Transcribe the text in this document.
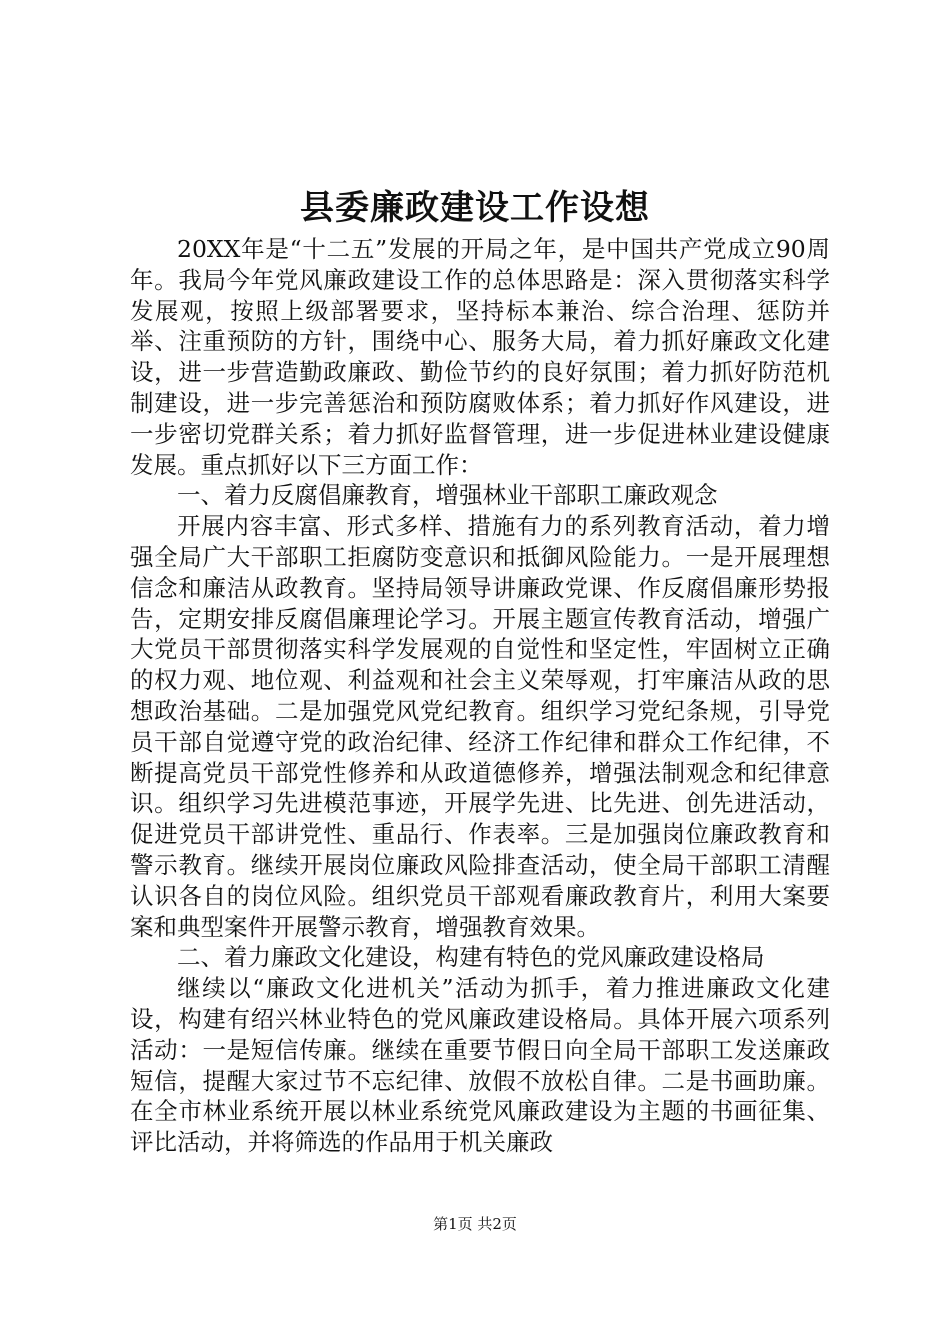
县委廉政建设工作设想

20XX年是“十二五”发展的开局之年，是中国共产党成立90周年。我局今年党风廉政建设工作的总体思路是：深入贯彻落实科学发展观，按照上级部署要求，坚持标本兼治、综合治理、惩防并举、注重预防的方针，围绕中心、服务大局，着力抓好廉政文化建设，进一步营造勤政廉政、勤俭节约的良好氛围；着力抓好防范机制建设，进一步完善惩治和预防腐败体系；着力抓好作风建设，进一步密切党群关系；着力抓好监督管理，进一步促进林业建设健康发展。重点抓好以下三方面工作：

一、着力反腐倡廉教育，增强林业干部职工廉政观念

开展内容丰富、形式多样、措施有力的系列教育活动，着力增强全局广大干部职工拒腐防变意识和抵御风险能力。一是开展理想信念和廉洁从政教育。坚持局领导讲廉政党课、作反腐倡廉形势报告，定期安排反腐倡廉理论学习。开展主题宣传教育活动，增强广大党员干部贯彻落实科学发展观的自觉性和坚定性，牢固树立正确的权力观、地位观、利益观和社会主义荣辱观，打牢廉洁从政的思想政治基础。二是加强党风党纪教育。组织学习党纪条规，引导党员干部自觉遵守党的政治纪律、经济工作纪律和群众工作纪律，不断提高党员干部党性修养和从政道德修养，增强法制观念和纪律意识。组织学习先进模范事迹，开展学先进、比先进、创先进活动，促进党员干部讲党性、重品行、作表率。三是加强岗位廉政教育和警示教育。继续开展岗位廉政风险排查活动，使全局干部职工清醒认识各自的岗位风险。组织党员干部观看廉政教育片，利用大案要案和典型案件开展警示教育，增强教育效果。

二、着力廉政文化建设，构建有特色的党风廉政建设格局

继续以“廉政文化进机关”活动为抓手，着力推进廉政文化建设，构建有绍兴林业特色的党风廉政建设格局。具体开展六项系列活动：一是短信传廉。继续在重要节假日向全局干部职工发送廉政短信，提醒大家过节不忘纪律、放假不放松自律。二是书画助廉。在全市林业系统开展以林业系统党风廉政建设为主题的书画征集、评比活动，并将筛选的作品用于机关廉政

第1页 共2页
